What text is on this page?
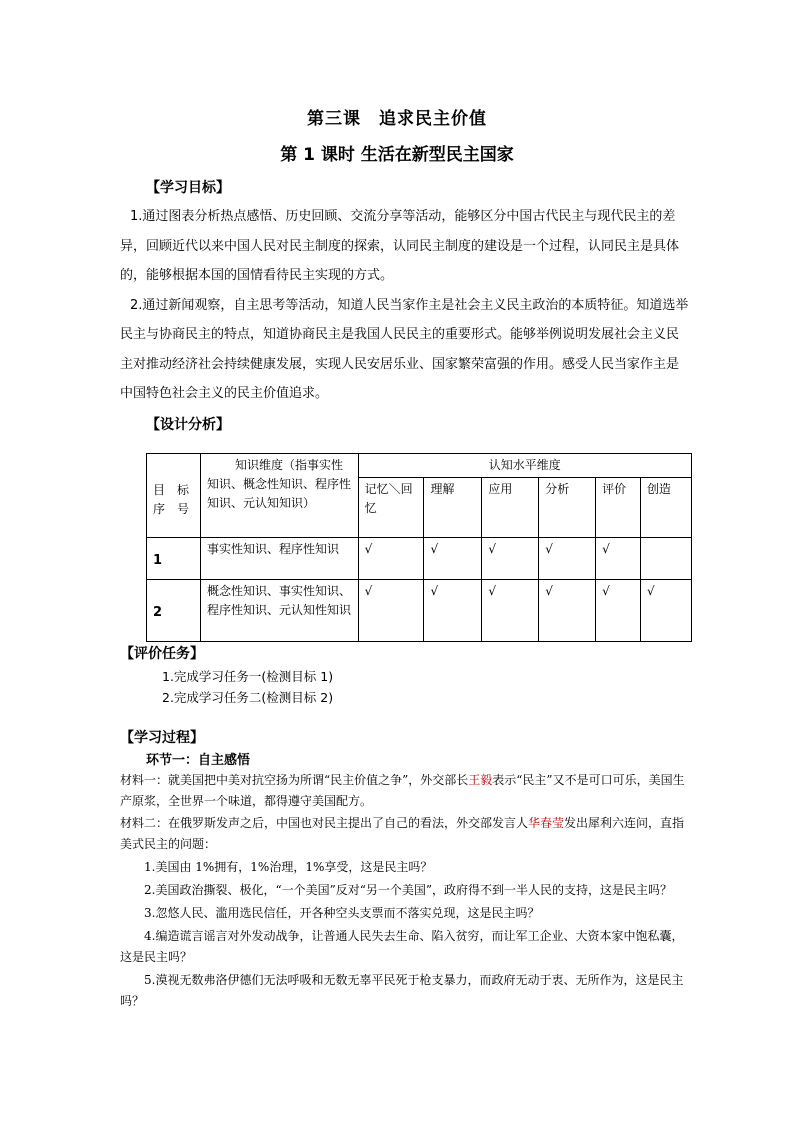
第三课　追求民主价值
第 1 课时 生活在新型民主国家
【学习目标】

1.通过图表分析热点感悟、历史回顾、交流分享等活动，能够区分中国古代民主与现代民主的差异，回顾近代以来中国人民对民主制度的探索，认同民主制度的建设是一个过程，认同民主是具体的，能够根据本国的国情看待民主实现的方式。

2.通过新闻观察，自主思考等活动，知道人民当家作主是社会主义民主政治的本质特征。知道选举民主与协商民主的特点，知道协商民主是我国人民民主的重要形式。能够举例说明发展社会主义民主对推动经济社会持续健康发展，实现人民安居乐业、国家繁荣富强的作用。感受人民当家作主是中国特色社会主义的民主价值追求。

【设计分析】
目　标　序　号	知识维度（指事实性知识、概念性知识、程序性知识、元认知知识）	认知水平维度					
		记忆＼回忆	理解	应用	分析	评价	创造
1	事实性知识、程序性知识	√	√	√	√	√	
2	概念性知识、事实性知识、程序性知识、元认知性知识	√	√	√	√	√	√
【评价任务】
1.完成学习任务一(检测目标 1)
2.完成学习任务二(检测目标 2)
【学习过程】
环节一：自主感悟

材料一：就美国把中美对抗空扬为所谓“民主价值之争”，外交部长王毅表示“民主”又不是可口可乐，美国生产原浆，全世界一个味道，都得遵守美国配方。

材料二：在俄罗斯发声之后，中国也对民主提出了自己的看法，外交部发言人华春莹发出犀利六连问，直指美式民主的问题：

1.美国由 1%拥有，1%治理，1%享受，这是民主吗？

2.美国政治撕裂、极化，“一个美国”反对“另一个美国”，政府得不到一半人民的支持，这是民主吗？

3.忽悠人民、滥用选民信任，开各种空头支票而不落实兑现，这是民主吗？

4.编造谎言谣言对外发动战争，让普通人民失去生命、陷入贫穷，而让军工企业、大资本家中饱私囊，这是民主吗？

5.漠视无数弗洛伊德们无法呼吸和无数无辜平民死于枪支暴力，而政府无动于衷、无所作为，这是民主吗？
